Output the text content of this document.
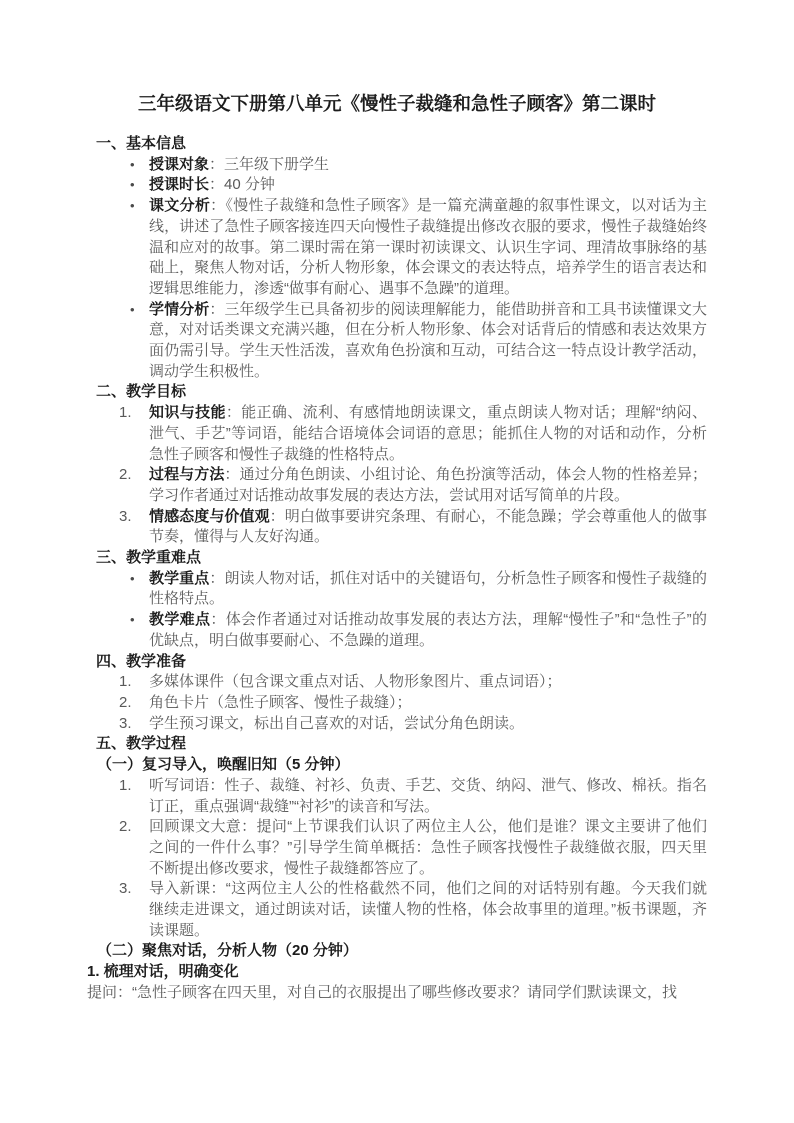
三年级语文下册第八单元《慢性子裁缝和急性子顾客》第二课时
一、基本信息
• 授课对象：三年级下册学生
• 授课时长：40 分钟
• 课文分析：《慢性子裁缝和急性子顾客》是一篇充满童趣的叙事性课文，以对话为主线，讲述了急性子顾客接连四天向慢性子裁缝提出修改衣服的要求，慢性子裁缝始终温和应对的故事。第二课时需在第一课时初读课文、认识生字词、理清故事脉络的基础上，聚焦人物对话，分析人物形象，体会课文的表达特点，培养学生的语言表达和逻辑思维能力，渗透“做事有耐心、遇事不急躁”的道理。
• 学情分析：三年级学生已具备初步的阅读理解能力，能借助拼音和工具书读懂课文大意，对对话类课文充满兴趣，但在分析人物形象、体会对话背后的情感和表达效果方面仍需引导。学生天性活泼，喜欢角色扮演和互动，可结合这一特点设计教学活动，调动学生积极性。
二、教学目标
1. 知识与技能：能正确、流利、有感情地朗读课文，重点朗读人物对话；理解“纳闷、泄气、手艺”等词语，能结合语境体会词语的意思；能抓住人物的对话和动作，分析急性子顾客和慢性子裁缝的性格特点。
2. 过程与方法：通过分角色朗读、小组讨论、角色扮演等活动，体会人物的性格差异；学习作者通过对话推动故事发展的表达方法，尝试用对话写简单的片段。
3. 情感态度与价值观：明白做事要讲究条理、有耐心，不能急躁；学会尊重他人的做事节奏，懂得与人友好沟通。
三、教学重难点
• 教学重点：朗读人物对话，抓住对话中的关键语句，分析急性子顾客和慢性子裁缝的性格特点。
• 教学难点：体会作者通过对话推动故事发展的表达方法，理解“慢性子”和“急性子”的优缺点，明白做事要耐心、不急躁的道理。
四、教学准备
1. 多媒体课件（包含课文重点对话、人物形象图片、重点词语）；
2. 角色卡片（急性子顾客、慢性子裁缝）；
3. 学生预习课文，标出自己喜欢的对话，尝试分角色朗读。
五、教学过程
（一）复习导入，唤醒旧知（5 分钟）
1. 听写词语：性子、裁缝、衬衫、负责、手艺、交货、纳闷、泄气、修改、棉袄。指名订正，重点强调“裁缝”“衬衫”的读音和写法。
2. 回顾课文大意：提问“上节课我们认识了两位主人公，他们是谁？课文主要讲了他们之间的一件什么事？”引导学生简单概括：急性子顾客找慢性子裁缝做衣服，四天里不断提出修改要求，慢性子裁缝都答应了。
3. 导入新课：“这两位主人公的性格截然不同，他们之间的对话特别有趣。今天我们就继续走进课文，通过朗读对话，读懂人物的性格，体会故事里的道理。”板书课题，齐读课题。
（二）聚焦对话，分析人物（20 分钟）
1. 梳理对话，明确变化
提问：“急性子顾客在四天里，对自己的衣服提出了哪些修改要求？请同学们默读课文，找
